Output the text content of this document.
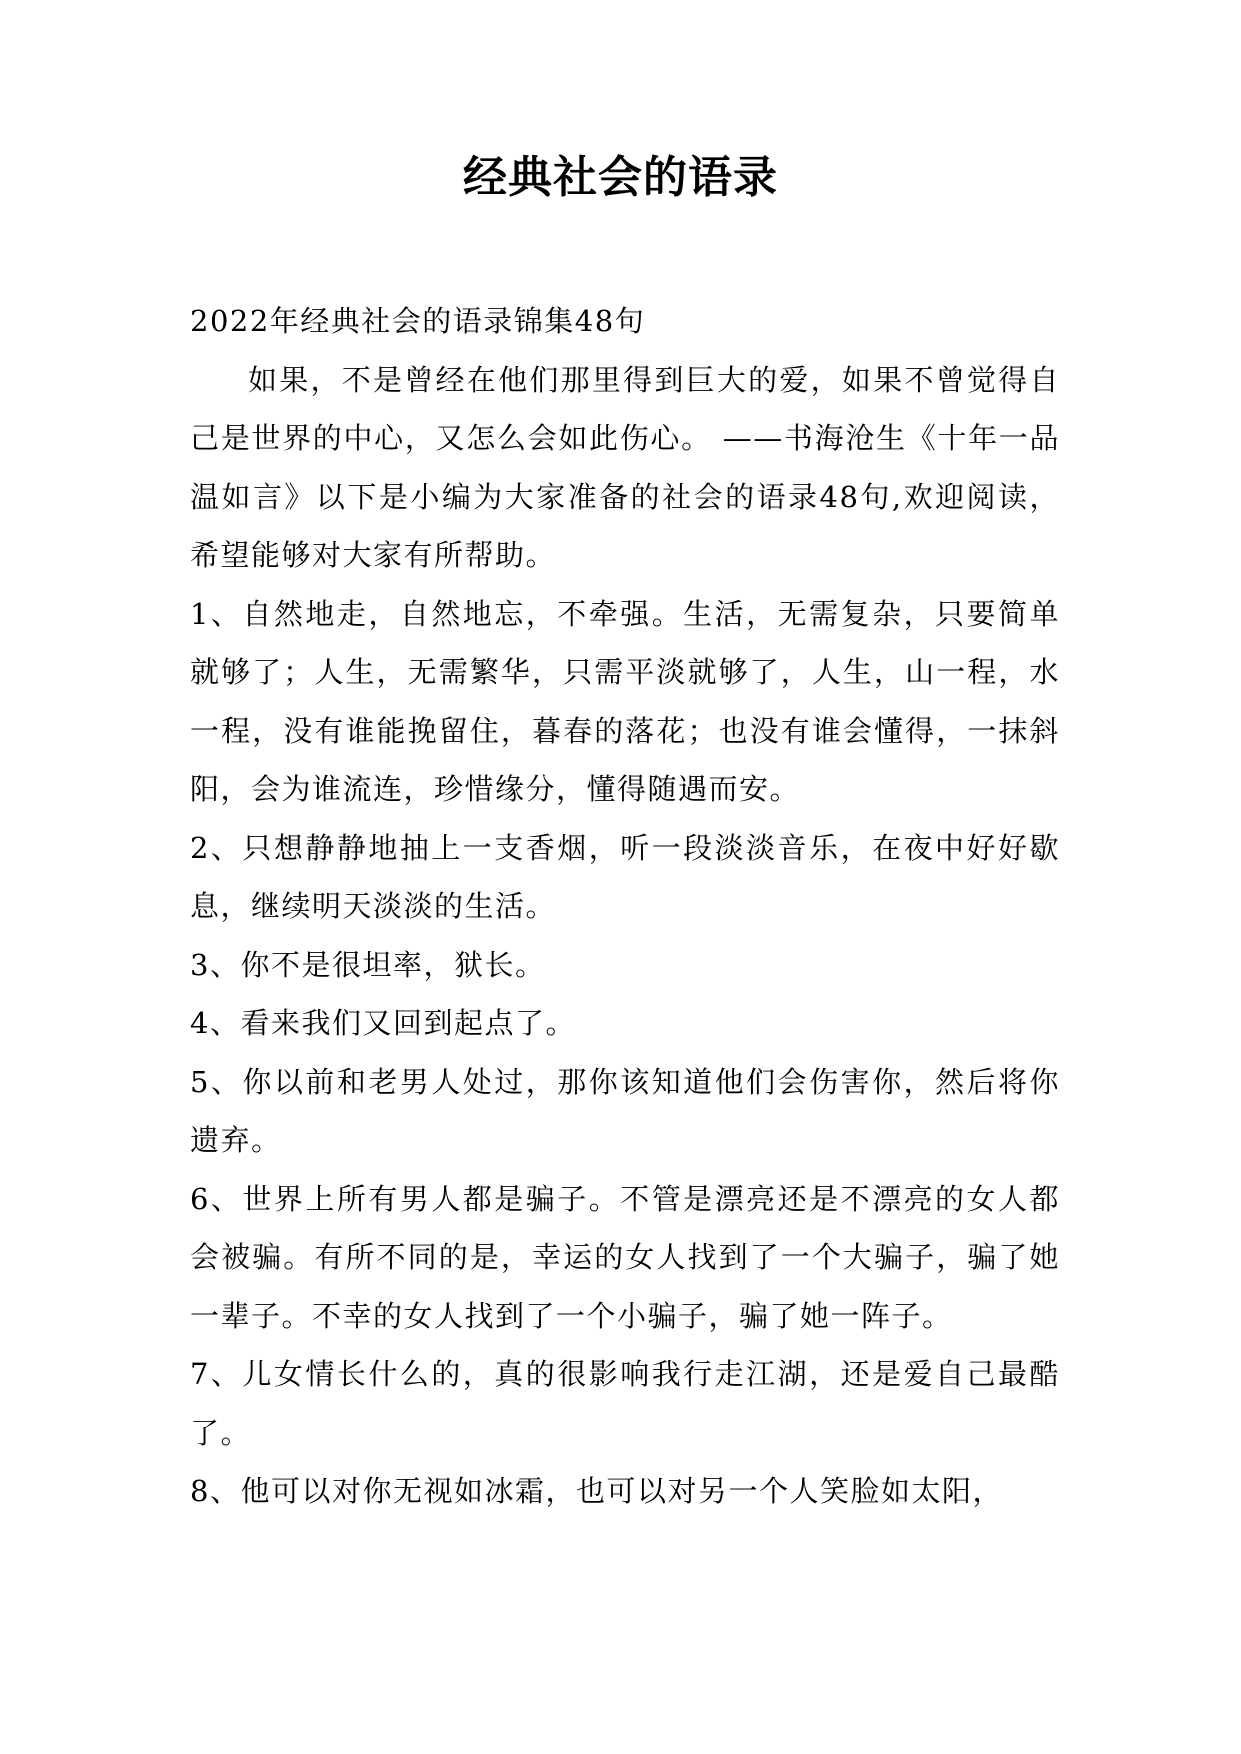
经典社会的语录

2022年经典社会的语录锦集48句

如果，不是曾经在他们那里得到巨大的爱，如果不曾觉得自己是世界的中心，又怎么会如此伤心。 ——书海沧生《十年一品温如言》以下是小编为大家准备的社会的语录48句,欢迎阅读，希望能够对大家有所帮助。

1、自然地走，自然地忘，不牵强。生活，无需复杂，只要简单就够了；人生，无需繁华，只需平淡就够了，人生，山一程，水一程，没有谁能挽留住，暮春的落花；也没有谁会懂得，一抹斜阳，会为谁流连，珍惜缘分，懂得随遇而安。

2、只想静静地抽上一支香烟，听一段淡淡音乐，在夜中好好歇息，继续明天淡淡的生活。

3、你不是很坦率，狱长。

4、看来我们又回到起点了。

5、你以前和老男人处过，那你该知道他们会伤害你，然后将你遗弃。

6、世界上所有男人都是骗子。不管是漂亮还是不漂亮的女人都会被骗。有所不同的是，幸运的女人找到了一个大骗子，骗了她一辈子。不幸的女人找到了一个小骗子，骗了她一阵子。

7、儿女情长什么的，真的很影响我行走江湖，还是爱自己最酷了。

8、他可以对你无视如冰霜，也可以对另一个人笑脸如太阳，
